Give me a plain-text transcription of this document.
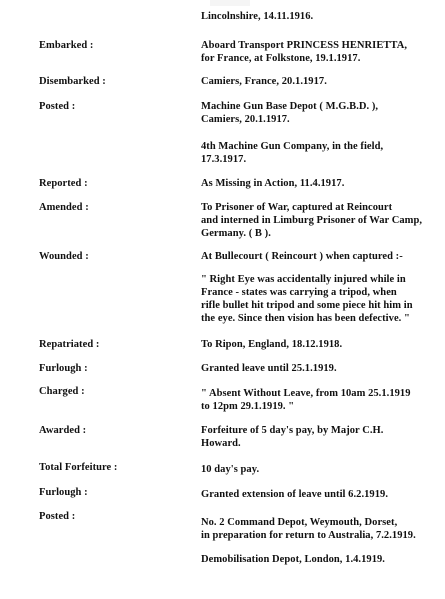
Lincolnshire, 14.11.1916.
Embarked :	Aboard Transport PRINCESS HENRIETTA,
for France, at Folkstone, 19.1.1917.
Disembarked :	Camiers, France, 20.1.1917.
Posted :	Machine Gun Base Depot ( M.G.B.D. ),
Camiers, 20.1.1917.
4th Machine Gun Company, in the field,
17.3.1917.
Reported :	As Missing in Action, 11.4.1917.
Amended :	To Prisoner of War, captured at Reincourt
and interned in Limburg Prisoner of War Camp,
Germany. ( B ).
Wounded :	At Bullecourt ( Reincourt ) when captured :-
" Right Eye was accidentally injured while in
France - states was carrying a tripod, when
rifle bullet hit tripod and some piece hit him in
the eye. Since then vision has been defective. "
Repatriated :	To Ripon, England, 18.12.1918.
Furlough :	Granted leave until 25.1.1919.
Charged :	" Absent Without Leave, from 10am 25.1.1919
to 12pm 29.1.1919. "
Awarded :	Forfeiture of 5 day's pay, by Major C.H.
Howard.
Total Forfeiture :	10 day's pay.
Furlough :	Granted extension of leave until 6.2.1919.
Posted :
No. 2 Command Depot, Weymouth, Dorset,
in preparation for return to Australia, 7.2.1919.
Demobilisation Depot, London, 1.4.1919.
